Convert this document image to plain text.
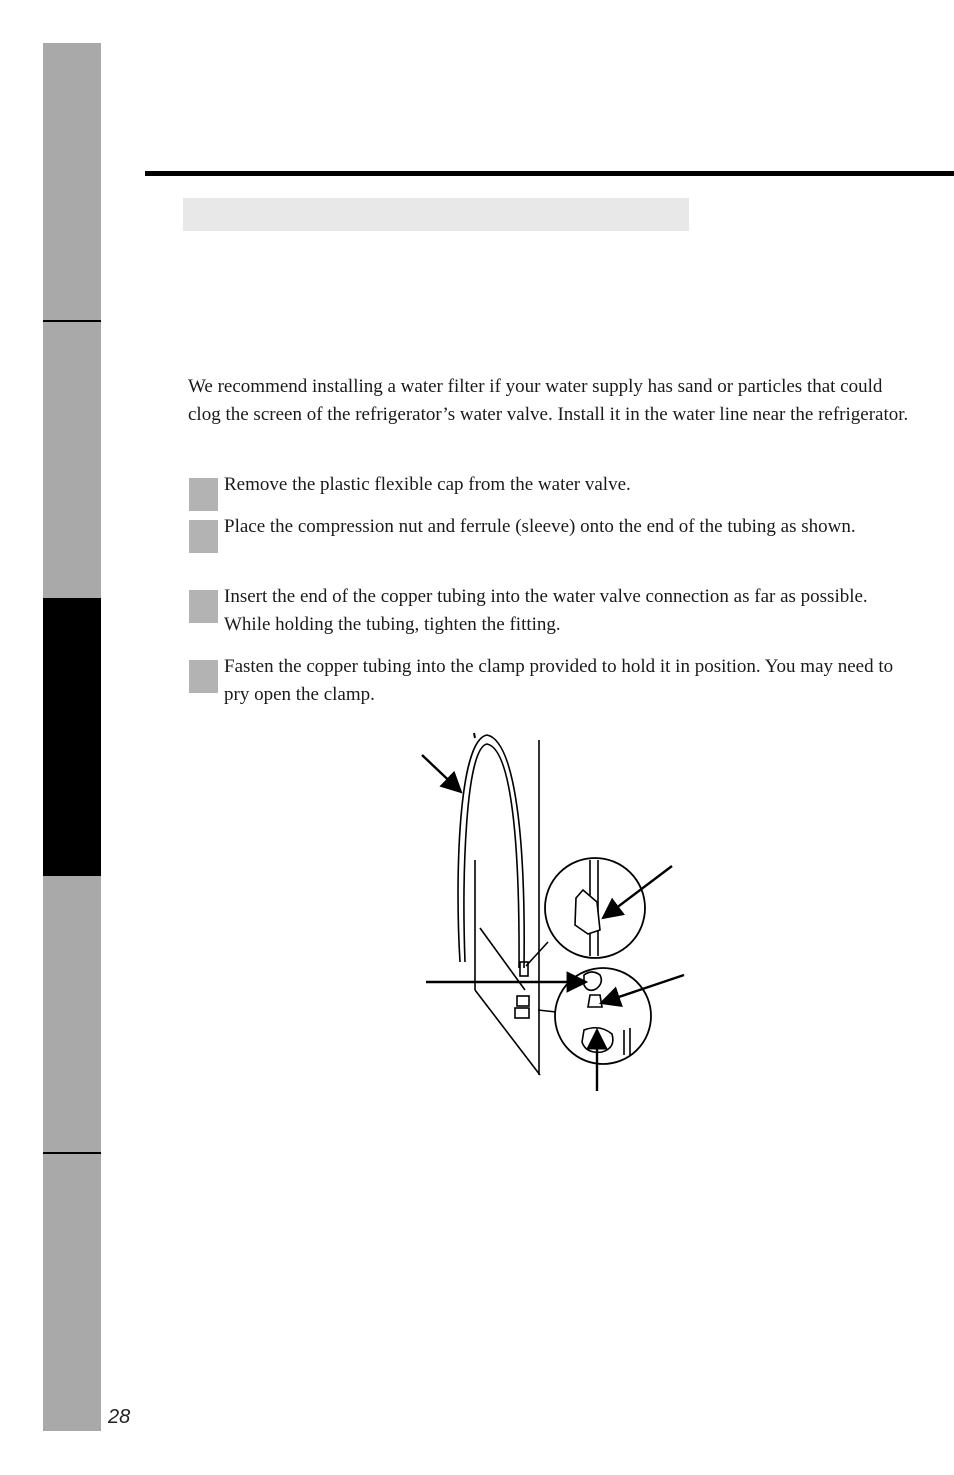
We recommend installing a water filter if your water supply has sand or particles that could clog the screen of the refrigerator’s water valve. Install it in the water line near the refrigerator.

Remove the plastic flexible cap from the water valve.

Place the compression nut and ferrule (sleeve) onto the end of the tubing as shown.

Insert the end of the copper tubing into the water valve connection as far as possible. While holding the tubing, tighten the fitting.

Fasten the copper tubing into the clamp provided to hold it in position. You may need to pry open the clamp.

28
